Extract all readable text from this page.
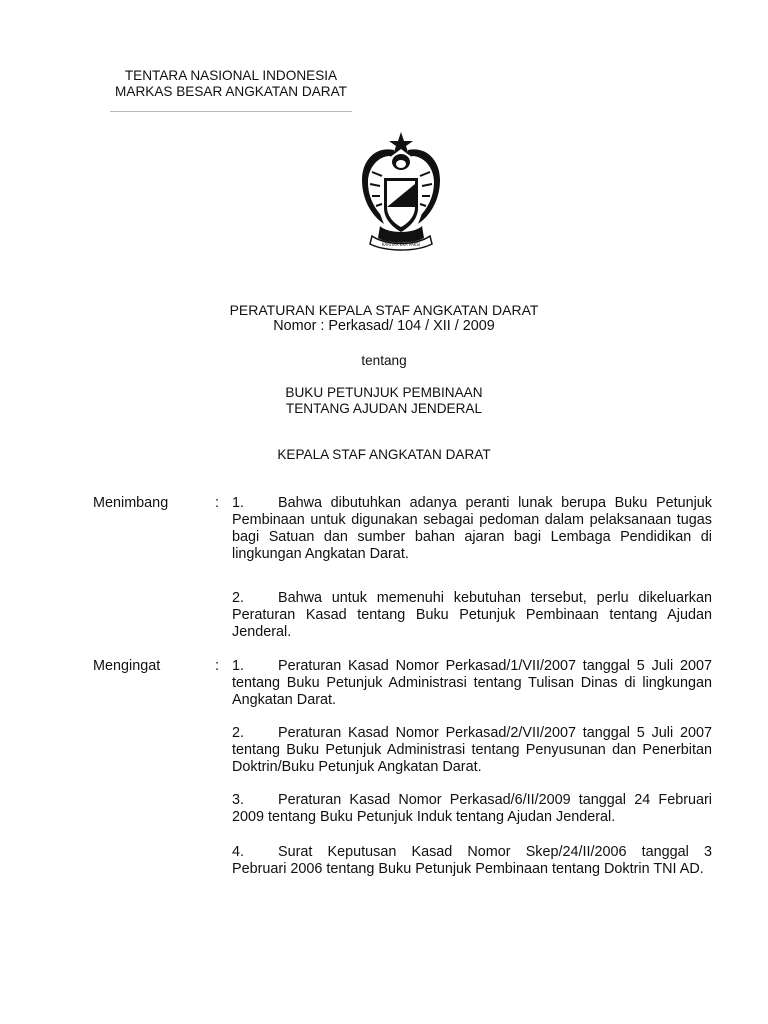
TENTARA NASIONAL INDONESIA
MARKAS BESAR ANGKATAN DARAT
KARTIKA EKA PAKSI
PERATURAN KEPALA STAF ANGKATAN DARAT
Nomor : Perkasad/ 104 / XII / 2009
tentang
BUKU PETUNJUK PEMBINAAN
TENTANG AJUDAN JENDERAL
KEPALA STAF ANGKATAN DARAT
Menimbang	: 1. Bahwa dibutuhkan adanya peranti lunak berupa Buku Petunjuk Pembinaan untuk digunakan sebagai pedoman dalam pelaksanaan tugas bagi Satuan dan sumber bahan ajaran bagi Lembaga Pendidikan di lingkungan Angkatan Darat.
2. Bahwa untuk memenuhi kebutuhan tersebut, perlu dikeluarkan Peraturan Kasad tentang Buku Petunjuk Pembinaan tentang Ajudan Jenderal.
Mengingat	: 1. Peraturan Kasad Nomor Perkasad/1/VII/2007 tanggal 5 Juli 2007 tentang Buku Petunjuk Administrasi tentang Tulisan Dinas di lingkungan Angkatan Darat.
2. Peraturan Kasad Nomor Perkasad/2/VII/2007 tanggal 5 Juli 2007 tentang Buku Petunjuk Administrasi tentang Penyusunan dan Penerbitan Doktrin/Buku Petunjuk Angkatan Darat.
3. Peraturan Kasad Nomor Perkasad/6/II/2009 tanggal 24 Februari 2009 tentang Buku Petunjuk Induk tentang Ajudan Jenderal.
4. Surat Keputusan Kasad Nomor Skep/24/II/2006 tanggal 3
Pebruari 2006 tentang Buku Petunjuk Pembinaan tentang Doktrin TNI AD.
